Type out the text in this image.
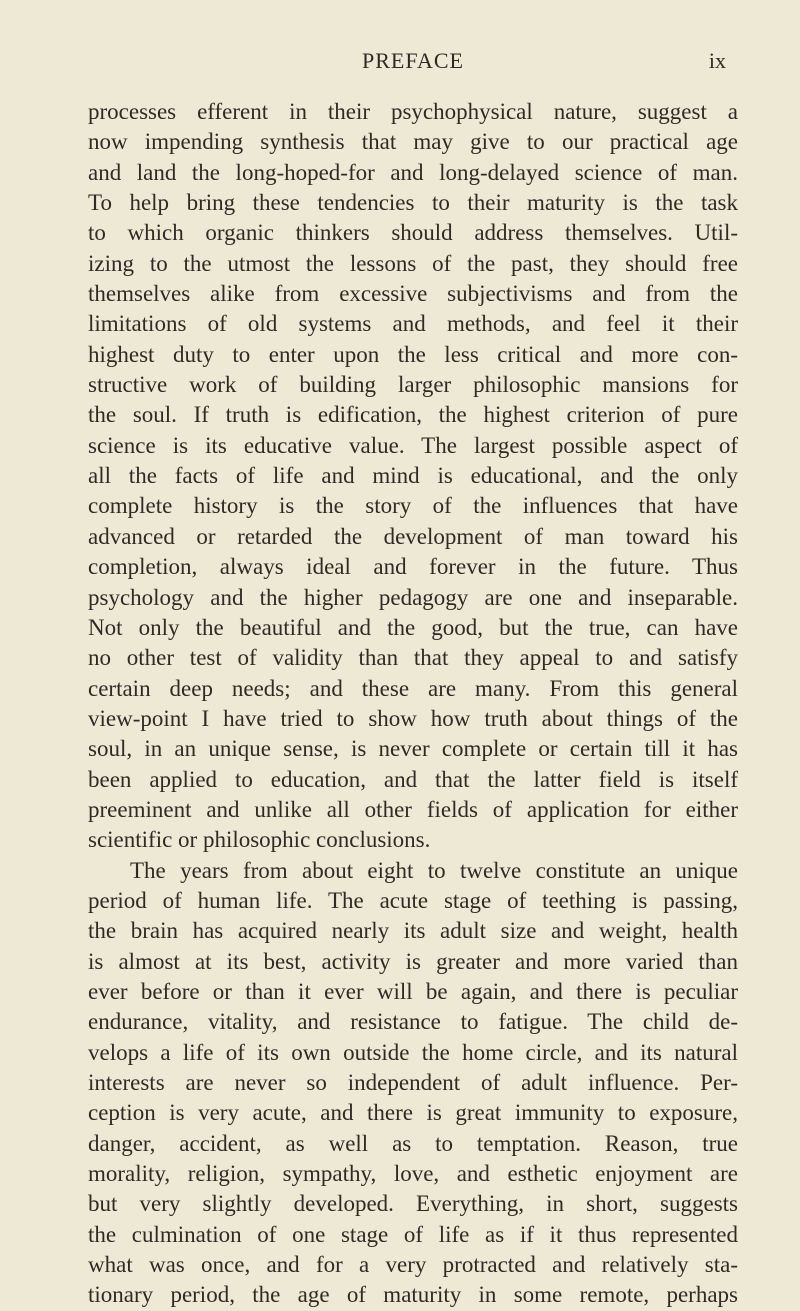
PREFACE	ix
processes efferent in their psychophysical nature, suggest a
now impending synthesis that may give to our practical age
and land the long-hoped-for and long-delayed science of man.
To help bring these tendencies to their maturity is the task
to which organic thinkers should address themselves. Util-
izing to the utmost the lessons of the past, they should free
themselves alike from excessive subjectivisms and from the
limitations of old systems and methods, and feel it their
highest duty to enter upon the less critical and more con-
structive work of building larger philosophic mansions for
the soul. If truth is edification, the highest criterion of pure
science is its educative value. The largest possible aspect of
all the facts of life and mind is educational, and the only
complete history is the story of the influences that have
advanced or retarded the development of man toward his
completion, always ideal and forever in the future. Thus
psychology and the higher pedagogy are one and inseparable.
Not only the beautiful and the good, but the true, can have
no other test of validity than that they appeal to and satisfy
certain deep needs; and these are many. From this general
view-point I have tried to show how truth about things of the
soul, in an unique sense, is never complete or certain till it has
been applied to education, and that the latter field is itself
preeminent and unlike all other fields of application for either
scientific or philosophic conclusions.
The years from about eight to twelve constitute an unique
period of human life. The acute stage of teething is passing,
the brain has acquired nearly its adult size and weight, health
is almost at its best, activity is greater and more varied than
ever before or than it ever will be again, and there is peculiar
endurance, vitality, and resistance to fatigue. The child de-
velops a life of its own outside the home circle, and its natural
interests are never so independent of adult influence. Per-
ception is very acute, and there is great immunity to exposure,
danger, accident, as well as to temptation. Reason, true
morality, religion, sympathy, love, and esthetic enjoyment are
but very slightly developed. Everything, in short, suggests
the culmination of one stage of life as if it thus represented
what was once, and for a very protracted and relatively sta-
tionary period, the age of maturity in some remote, perhaps
